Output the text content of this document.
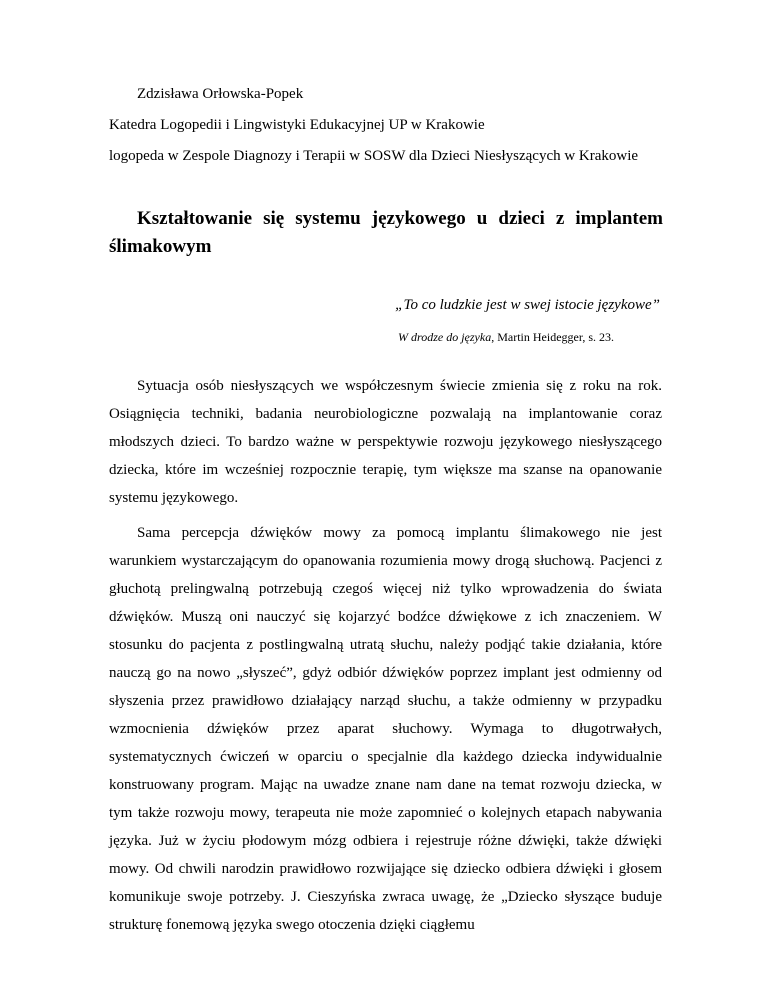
Zdzisława Orłowska-Popek
Katedra Logopedii i Lingwistyki Edukacyjnej UP w Krakowie
logopeda w Zespole Diagnozy i Terapii w SOSW dla Dzieci Niesłyszących w Krakowie
Kształtowanie się systemu językowego u dzieci z implantem
ślimakowym
„To co ludzkie jest w swej istocie językowe”
W drodze do języka, Martin Heidegger, s. 23.

Sytuacja osób niesłyszących we współczesnym świecie zmienia się z roku na rok. Osiągnięcia techniki, badania neurobiologiczne pozwalają na implantowanie coraz młodszych dzieci. To bardzo ważne w perspektywie rozwoju językowego niesłyszącego dziecka, które im wcześniej rozpocznie terapię, tym większe ma szanse na opanowanie systemu językowego.

Sama percepcja dźwięków mowy za pomocą implantu ślimakowego nie jest warunkiem wystarczającym do opanowania rozumienia mowy drogą słuchową. Pacjenci z głuchotą prelingwalną potrzebują czegoś więcej niż tylko wprowadzenia do świata dźwięków. Muszą oni nauczyć się kojarzyć bodźce dźwiękowe z ich znaczeniem. W stosunku do pacjenta z postlingwalną utratą słuchu, należy podjąć takie działania, które nauczą go na nowo „słyszeć”, gdyż odbiór dźwięków poprzez implant jest odmienny od słyszenia przez prawidłowo działający narząd słuchu, a także odmienny w przypadku wzmocnienia dźwięków przez aparat słuchowy. Wymaga to długotrwałych, systematycznych ćwiczeń w oparciu o specjalnie dla każdego dziecka indywidualnie konstruowany program. Mając na uwadze znane nam dane na temat rozwoju dziecka, w tym także rozwoju mowy, terapeuta nie może zapomnieć o kolejnych etapach nabywania języka. Już w życiu płodowym mózg odbiera i rejestruje różne dźwięki, także dźwięki mowy. Od chwili narodzin prawidłowo rozwijające się dziecko odbiera dźwięki i głosem komunikuje swoje potrzeby. J. Cieszyńska zwraca uwagę, że „Dziecko słyszące buduje strukturę fonemową języka swego otoczenia dzięki ciągłemu
